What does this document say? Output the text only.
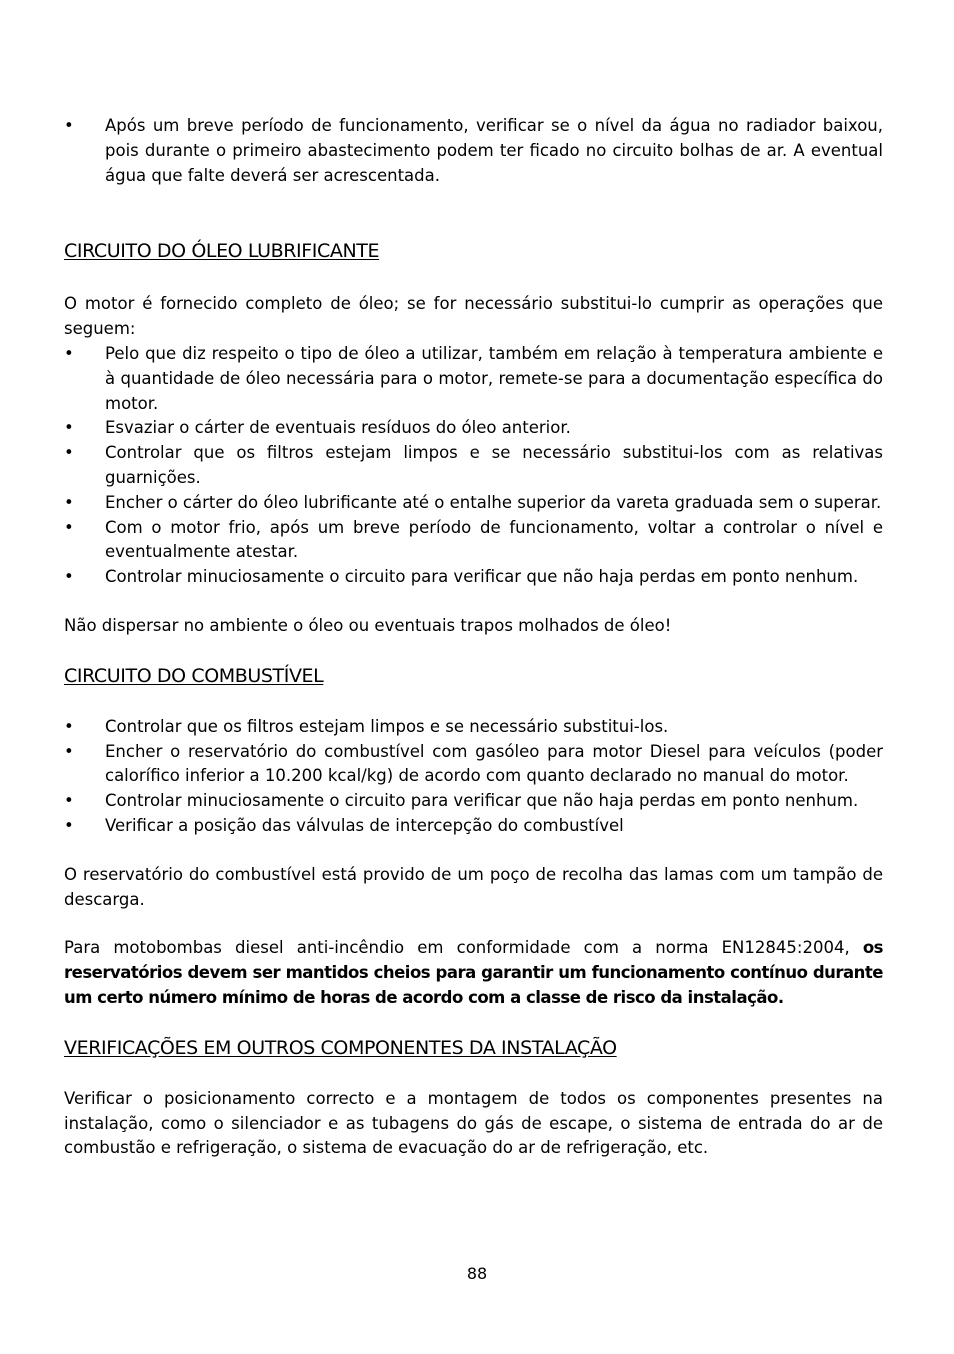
• Após um breve período de funcionamento, verificar se o nível da água no radiador baixou, pois durante o primeiro abastecimento podem ter ficado no circuito bolhas de ar. A eventual água que falte deverá ser acrescentada.
CIRCUITO DO ÓLEO LUBRIFICANTE

O motor é fornecido completo de óleo; se for necessário substitui-lo cumprir as operações que seguem:

• Pelo que diz respeito o tipo de óleo a utilizar, também em relação à temperatura ambiente e à quantidade de óleo necessária para o motor, remete-se para a documentação específica do motor.
• Esvaziar o cárter de eventuais resíduos do óleo anterior.
• Controlar que os filtros estejam limpos e se necessário substitui-los com as relativas guarnições.
• Encher o cárter do óleo lubrificante até o entalhe superior da vareta graduada sem o superar.
• Com o motor frio, após um breve período de funcionamento, voltar a controlar o nível e eventualmente atestar.
• Controlar minuciosamente o circuito para verificar que não haja perdas em ponto nenhum.

Não dispersar no ambiente o óleo ou eventuais trapos molhados de óleo!

CIRCUITO DO COMBUSTÍVEL
• Controlar que os filtros estejam limpos e se necessário substitui-los.
• Encher o reservatório do combustível com gasóleo para motor Diesel para veículos (poder calorífico inferior a 10.200 kcal/kg) de acordo com quanto declarado no manual do motor.
• Controlar minuciosamente o circuito para verificar que não haja perdas em ponto nenhum.
• Verificar a posição das válvulas de intercepção do combustível

O reservatório do combustível está provido de um poço de recolha das lamas com um tampão de descarga.

Para motobombas diesel anti-incêndio em conformidade com a norma EN12845:2004, os reservatórios devem ser mantidos cheios para garantir um funcionamento contínuo durante um certo número mínimo de horas de acordo com a classe de risco da instalação.

VERIFICAÇÕES EM OUTROS COMPONENTES DA INSTALAÇÃO

Verificar o posicionamento correcto e a montagem de todos os componentes presentes na instalação, como o silenciador e as tubagens do gás de escape, o sistema de entrada do ar de combustão e refrigeração, o sistema de evacuação do ar de refrigeração, etc.

88
